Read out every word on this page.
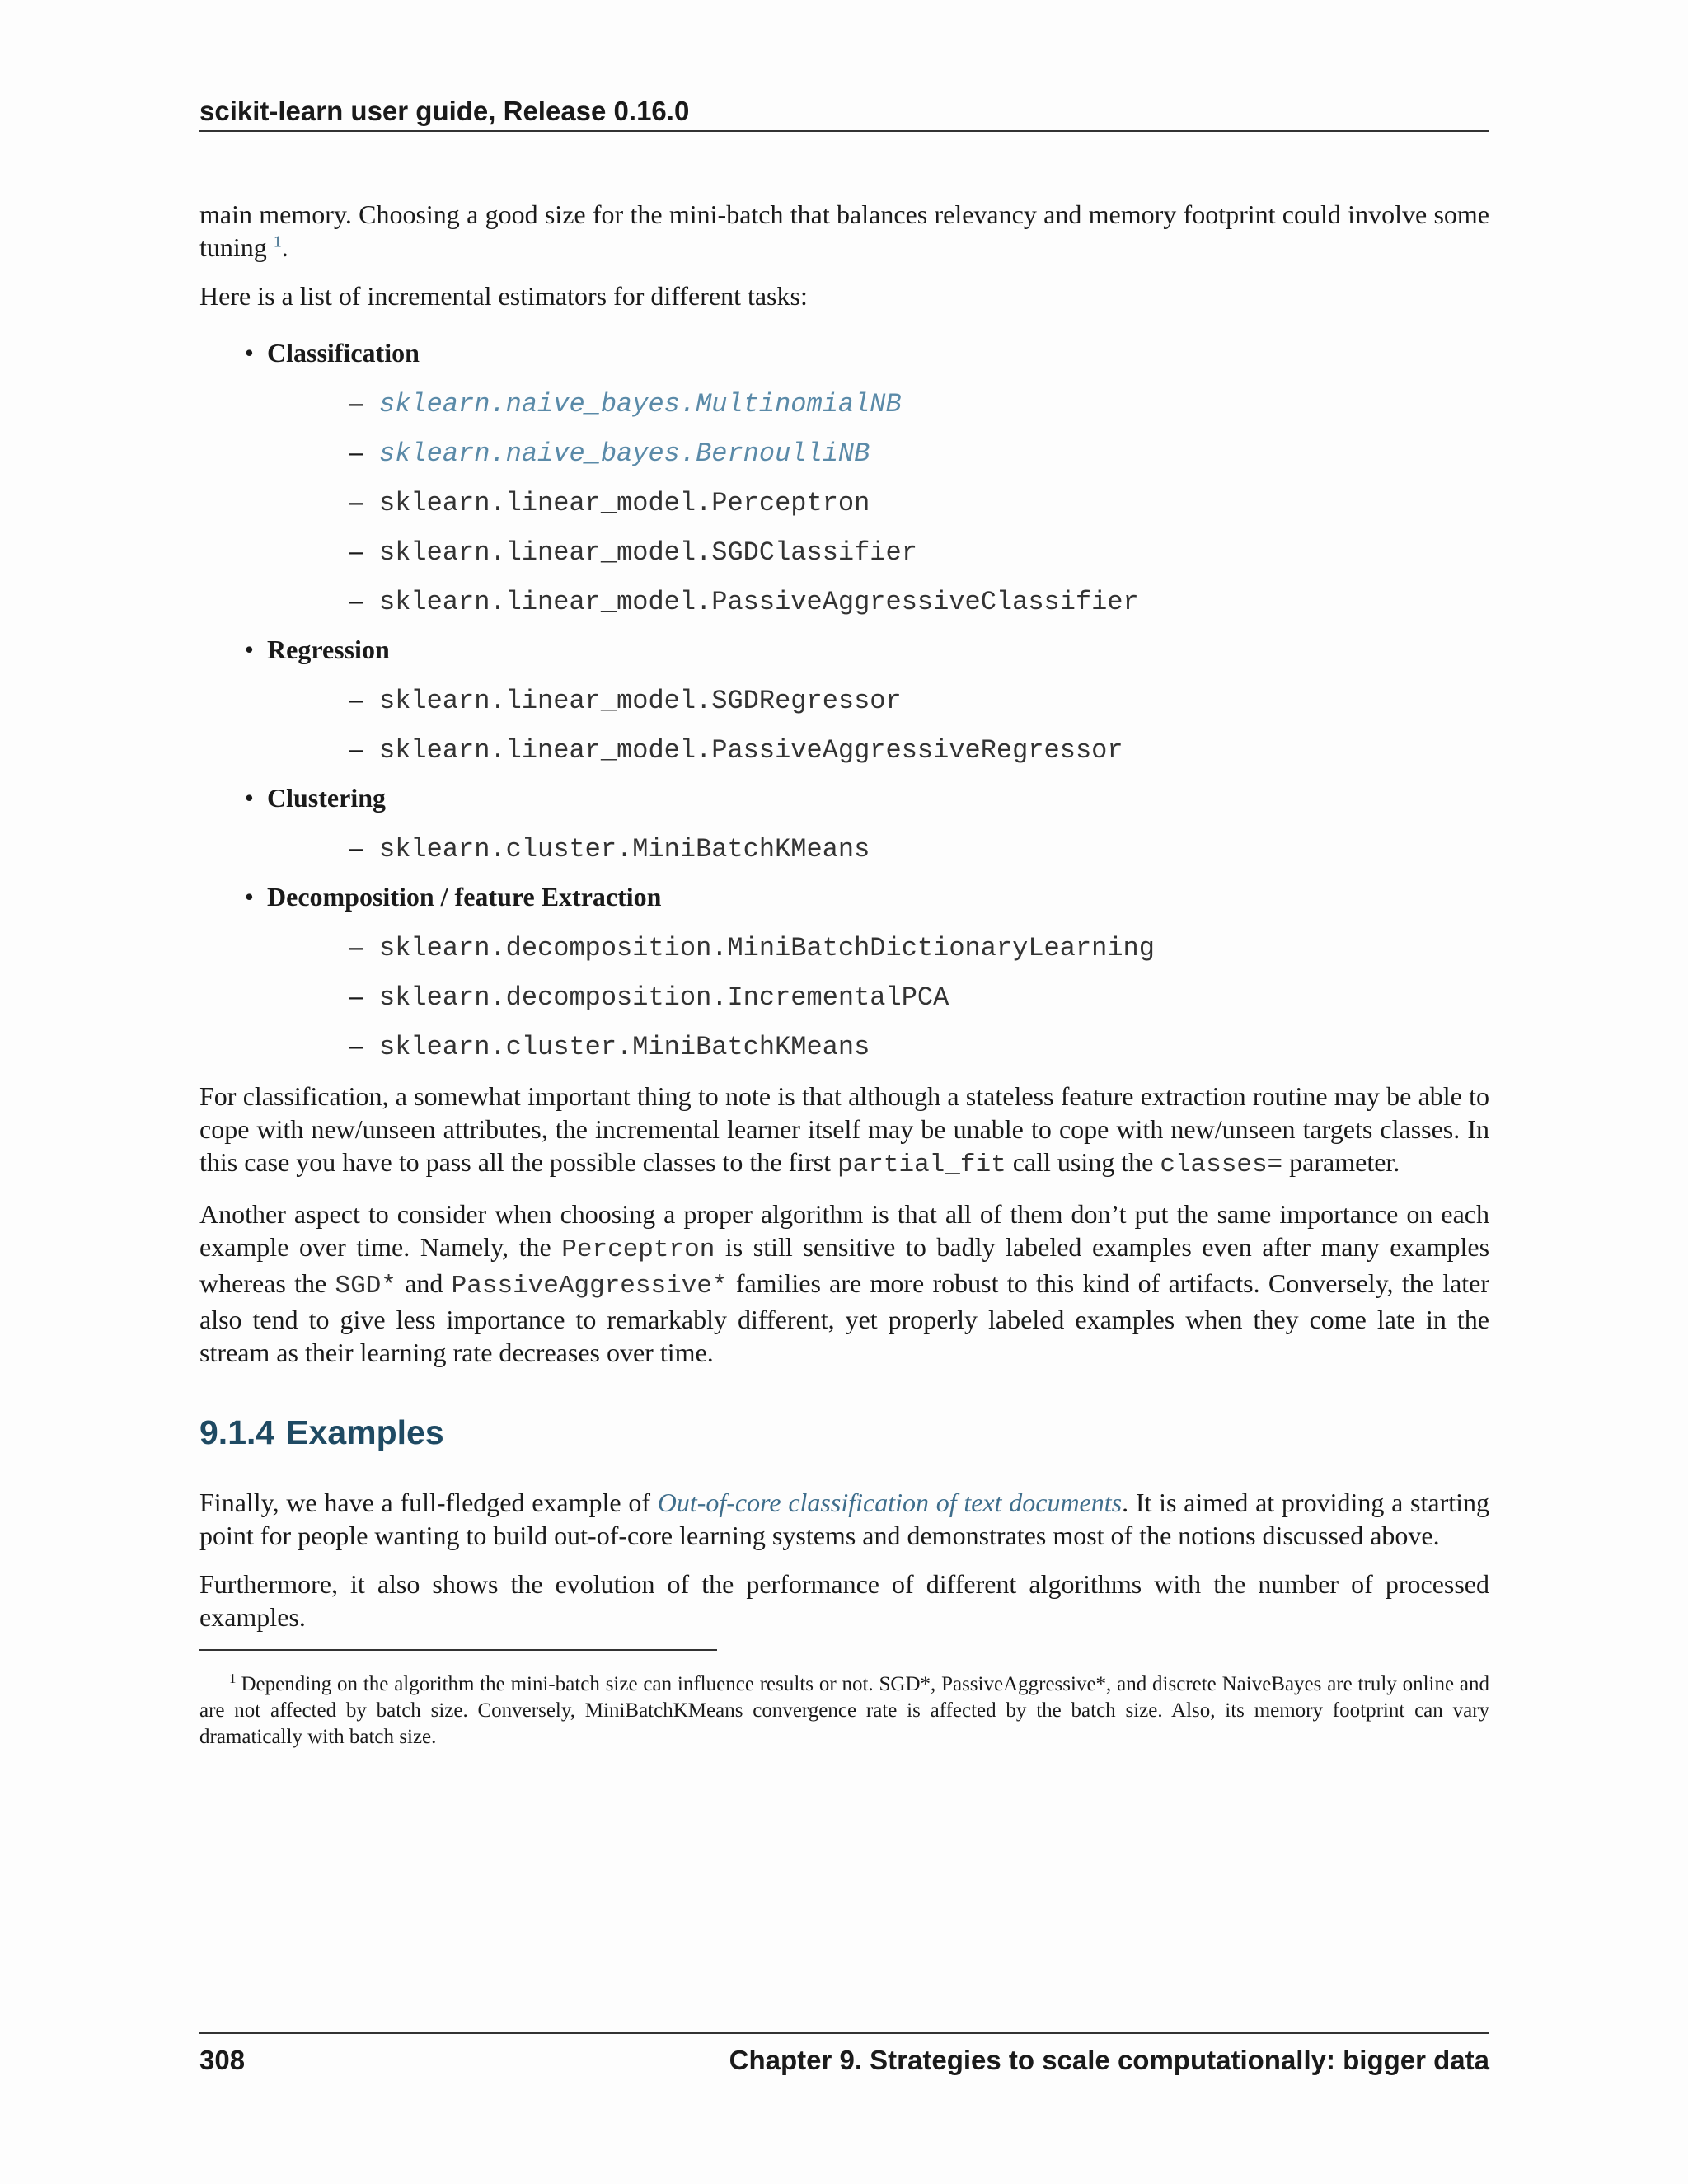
scikit-learn user guide, Release 0.16.0

main memory. Choosing a good size for the mini-batch that balances relevancy and memory footprint could involve some tuning $^1$.

Here is a list of incremental estimators for different tasks:

• Classification
– sklearn.naive_bayes.MultinomialNB
– sklearn.naive_bayes.BernoulliNB
– sklearn.linear_model.Perceptron
– sklearn.linear_model.SGDClassifier
– sklearn.linear_model.PassiveAggressiveClassifier
• Regression
– sklearn.linear_model.SGDRegressor
– sklearn.linear_model.PassiveAggressiveRegressor
• Clustering
– sklearn.cluster.MiniBatchKMeans
• Decomposition / feature Extraction
– sklearn.decomposition.MiniBatchDictionaryLearning
– sklearn.decomposition.IncrementalPCA
– sklearn.cluster.MiniBatchKMeans

For classification, a somewhat important thing to note is that although a stateless feature extraction routine may be able to cope with new/unseen attributes, the incremental learner itself may be unable to cope with new/unseen targets classes. In this case you have to pass all the possible classes to the first partial_fit call using the classes= parameter.

Another aspect to consider when choosing a proper algorithm is that all of them don’t put the same importance on each example over time. Namely, the Perceptron is still sensitive to badly labeled examples even after many examples whereas the SGD* and PassiveAggressive* families are more robust to this kind of artifacts. Conversely, the later also tend to give less importance to remarkably different, yet properly labeled examples when they come late in the stream as their learning rate decreases over time.

9.1.4 Examples

Finally, we have a full-fledged example of Out-of-core classification of text documents. It is aimed at providing a starting point for people wanting to build out-of-core learning systems and demonstrates most of the notions discussed above.

Furthermore, it also shows the evolution of the performance of different algorithms with the number of processed examples.

$^1$ Depending on the algorithm the mini-batch size can influence results or not. SGD*, PassiveAggressive*, and discrete NaiveBayes are truly online and are not affected by batch size. Conversely, MiniBatchKMeans convergence rate is affected by the batch size. Also, its memory footprint can vary dramatically with batch size.

308	Chapter 9. Strategies to scale computationally: bigger data
